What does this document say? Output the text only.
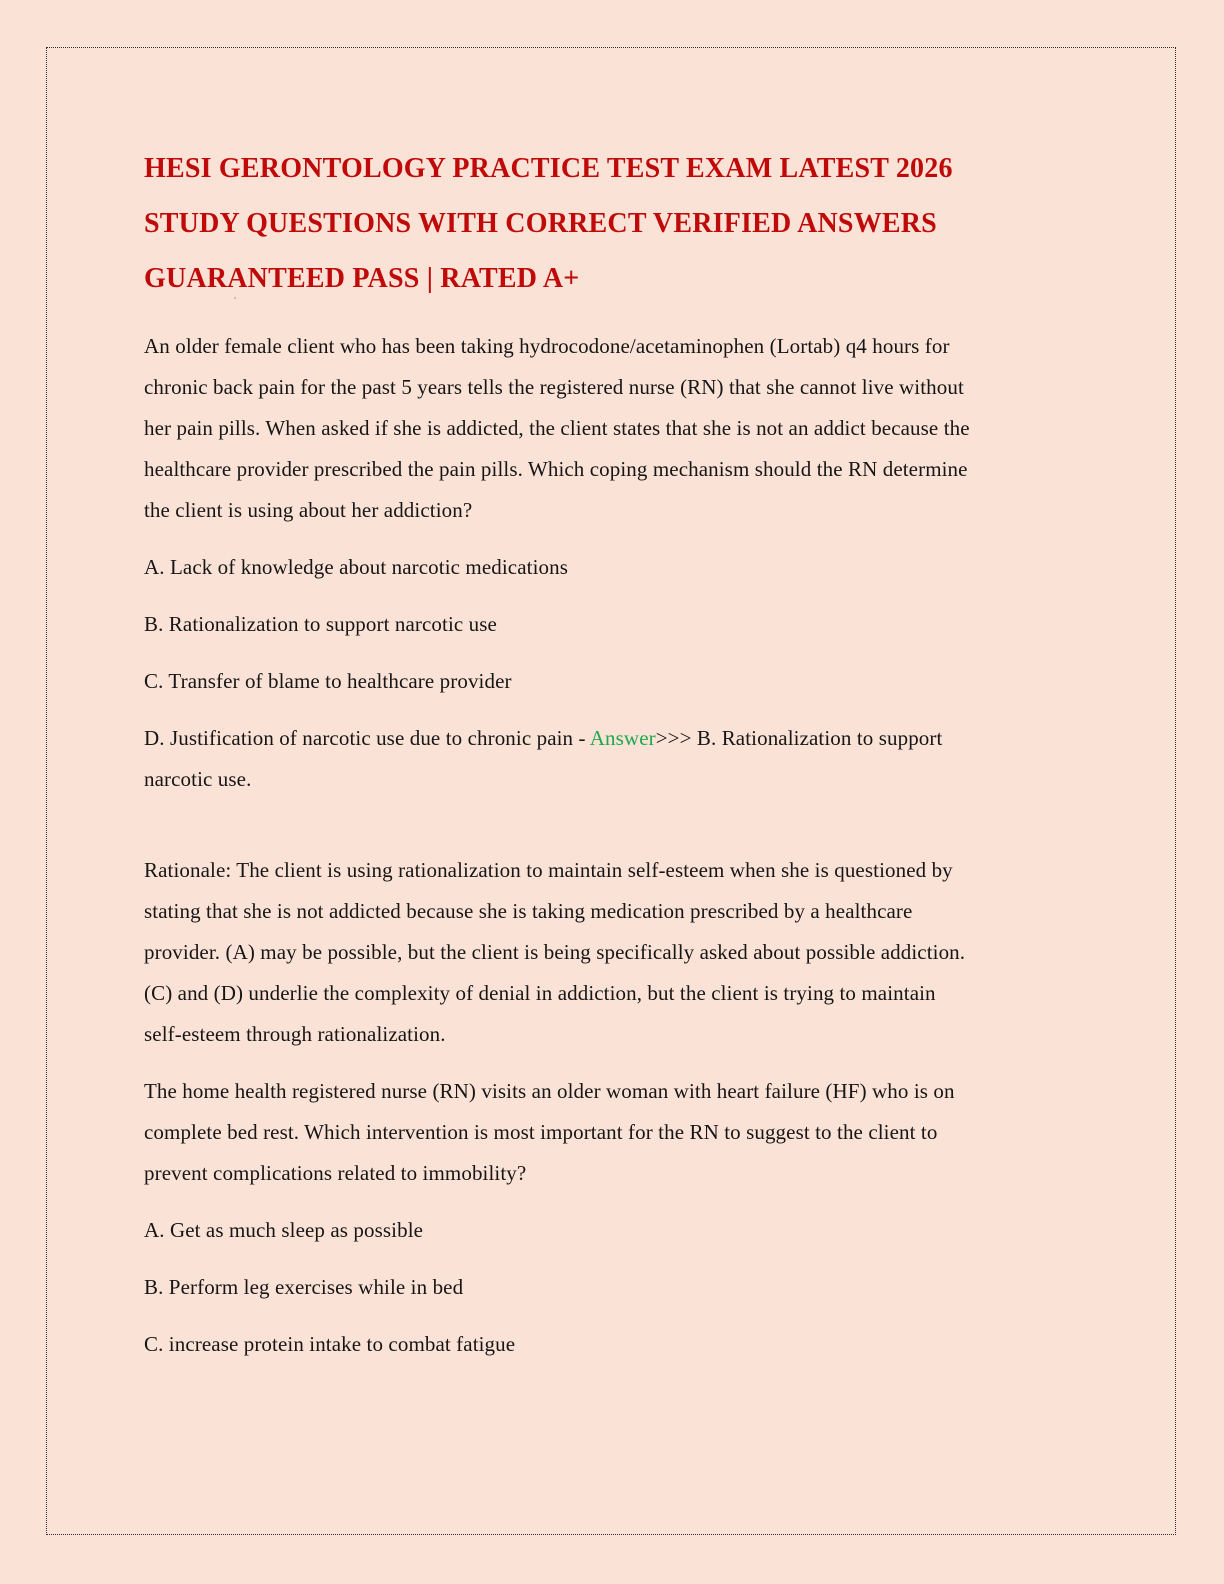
'
HESI GERONTOLOGY PRACTICE TEST EXAM LATEST 2026
STUDY QUESTIONS WITH CORRECT VERIFIED ANSWERS
GUARANTEED PASS | RATED A+

An older female client who has been taking hydrocodone/acetaminophen (Lortab) q4 hours for
chronic back pain for the past 5 years tells the registered nurse (RN) that she cannot live without
her pain pills. When asked if she is addicted, the client states that she is not an addict because the
healthcare provider prescribed the pain pills. Which coping mechanism should the RN determine
the client is using about her addiction?

A. Lack of knowledge about narcotic medications

B. Rationalization to support narcotic use

C. Transfer of blame to healthcare provider

D. Justification of narcotic use due to chronic pain - Answer>>> B. Rationalization to support
narcotic use.

Rationale: The client is using rationalization to maintain self-esteem when she is questioned by
stating that she is not addicted because she is taking medication prescribed by a healthcare
provider. (A) may be possible, but the client is being specifically asked about possible addiction.
(C) and (D) underlie the complexity of denial in addiction, but the client is trying to maintain
self-esteem through rationalization.

The home health registered nurse (RN) visits an older woman with heart failure (HF) who is on
complete bed rest. Which intervention is most important for the RN to suggest to the client to
prevent complications related to immobility?

A. Get as much sleep as possible

B. Perform leg exercises while in bed

C. increase protein intake to combat fatigue
